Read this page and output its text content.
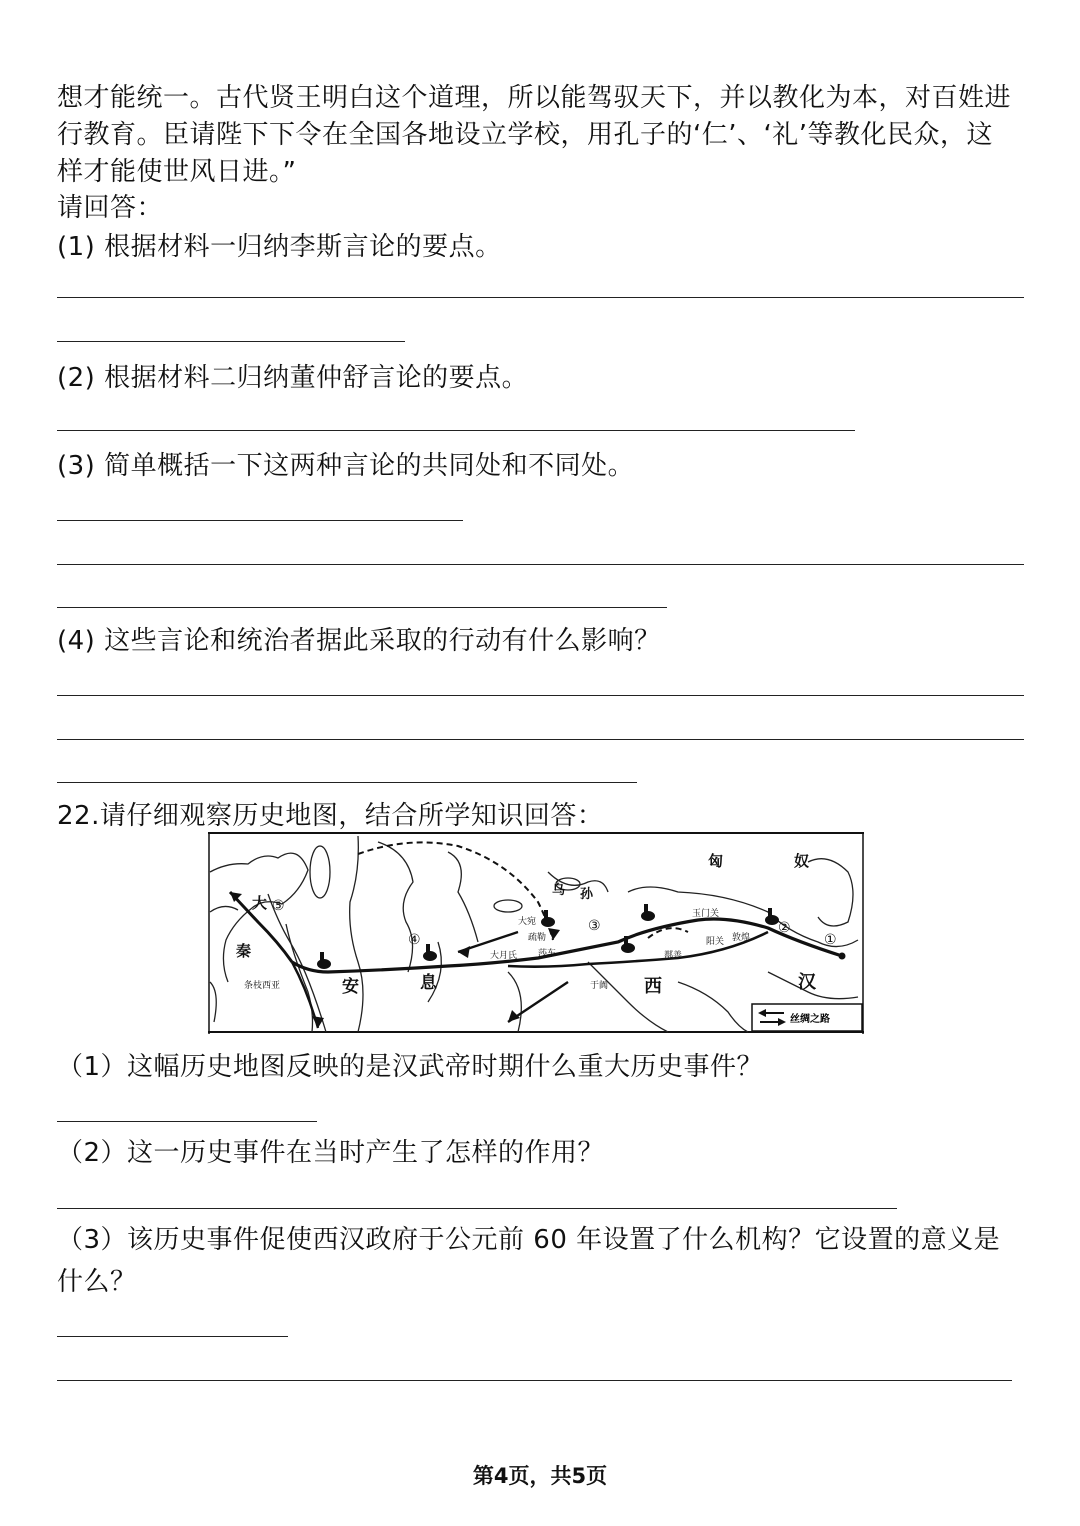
想才能统一。古代贤王明白这个道理，所以能驾驭天下，并以教化为本，对百姓进
行教育。臣请陛下下令在全国各地设立学校，用孔子的‘仁’、‘礼’等教化民众，这
样才能使世风日进。”
请回答：
(1) 根据材料一归纳李斯言论的要点。
(2) 根据材料二归纳董仲舒言论的要点。
(3) 简单概括一下这两种言论的共同处和不同处。
(4) 这些言论和统治者据此采取的行动有什么影响？
22.请仔细观察历史地图，结合所学知识回答：
匈	奴
大 ⑤
秦
乌 孙
大宛
疏勒
③
玉门关
阳关 敦煌
④
大月氏 莎车
于阗
鄯善
②
①
安	息	西	汉
条枝西亚
丝绸之路
（1）这幅历史地图反映的是汉武帝时期什么重大历史事件？
（2）这一历史事件在当时产生了怎样的作用？
（3）该历史事件促使西汉政府于公元前 60 年设置了什么机构？它设置的意义是
什么？
第4页，共5页
